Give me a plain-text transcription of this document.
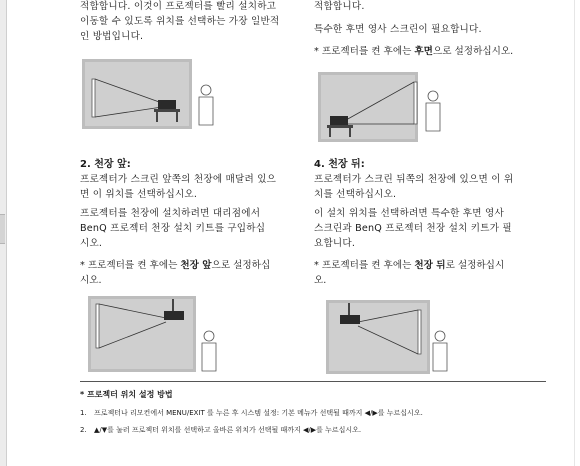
적합합니다. 이것이 프로젝터를 빨리 설치하고

이동할 수 있도록 위치를 선택하는 가장 일반적

인 방법입니다.

적합합니다.

특수한 후면 영사 스크린이 필요합니다.

* 프로젝터를 켠 후에는 후면으로 설정하십시오.

2. 천장 앞:

프로젝터가 스크린 앞쪽의 천장에 매달려 있으

면 이 위치를 선택하십시오.

프로젝터를 천장에 설치하려면 대리점에서

BenQ 프로젝터 천장 설치 키트를 구입하십

시오.

* 프로젝터를 켠 후에는 천장 앞으로 설정하십

시오.

4. 천장 뒤:

프로젝터가 스크린 뒤쪽의 천장에 있으면 이 위

치를 선택하십시오.

이 설치 위치를 선택하려면 특수한 후면 영사

스크린과 BenQ 프로젝터 천장 설치 키트가 필

요합니다.

* 프로젝터를 켠 후에는 천장 뒤로 설정하십시

오.

* 프로젝터 위치 설정 방법
1. 프로젝터나 리모컨에서 MENU/EXIT 를 누른 후 시스템 설정: 기본 메뉴가 선택될 때까지 ◀/▶를 누르십시오.
2. ▲/▼를 눌러 프로젝터 위치를 선택하고 올바른 위치가 선택될 때까지 ◀/▶를 누르십시오.
